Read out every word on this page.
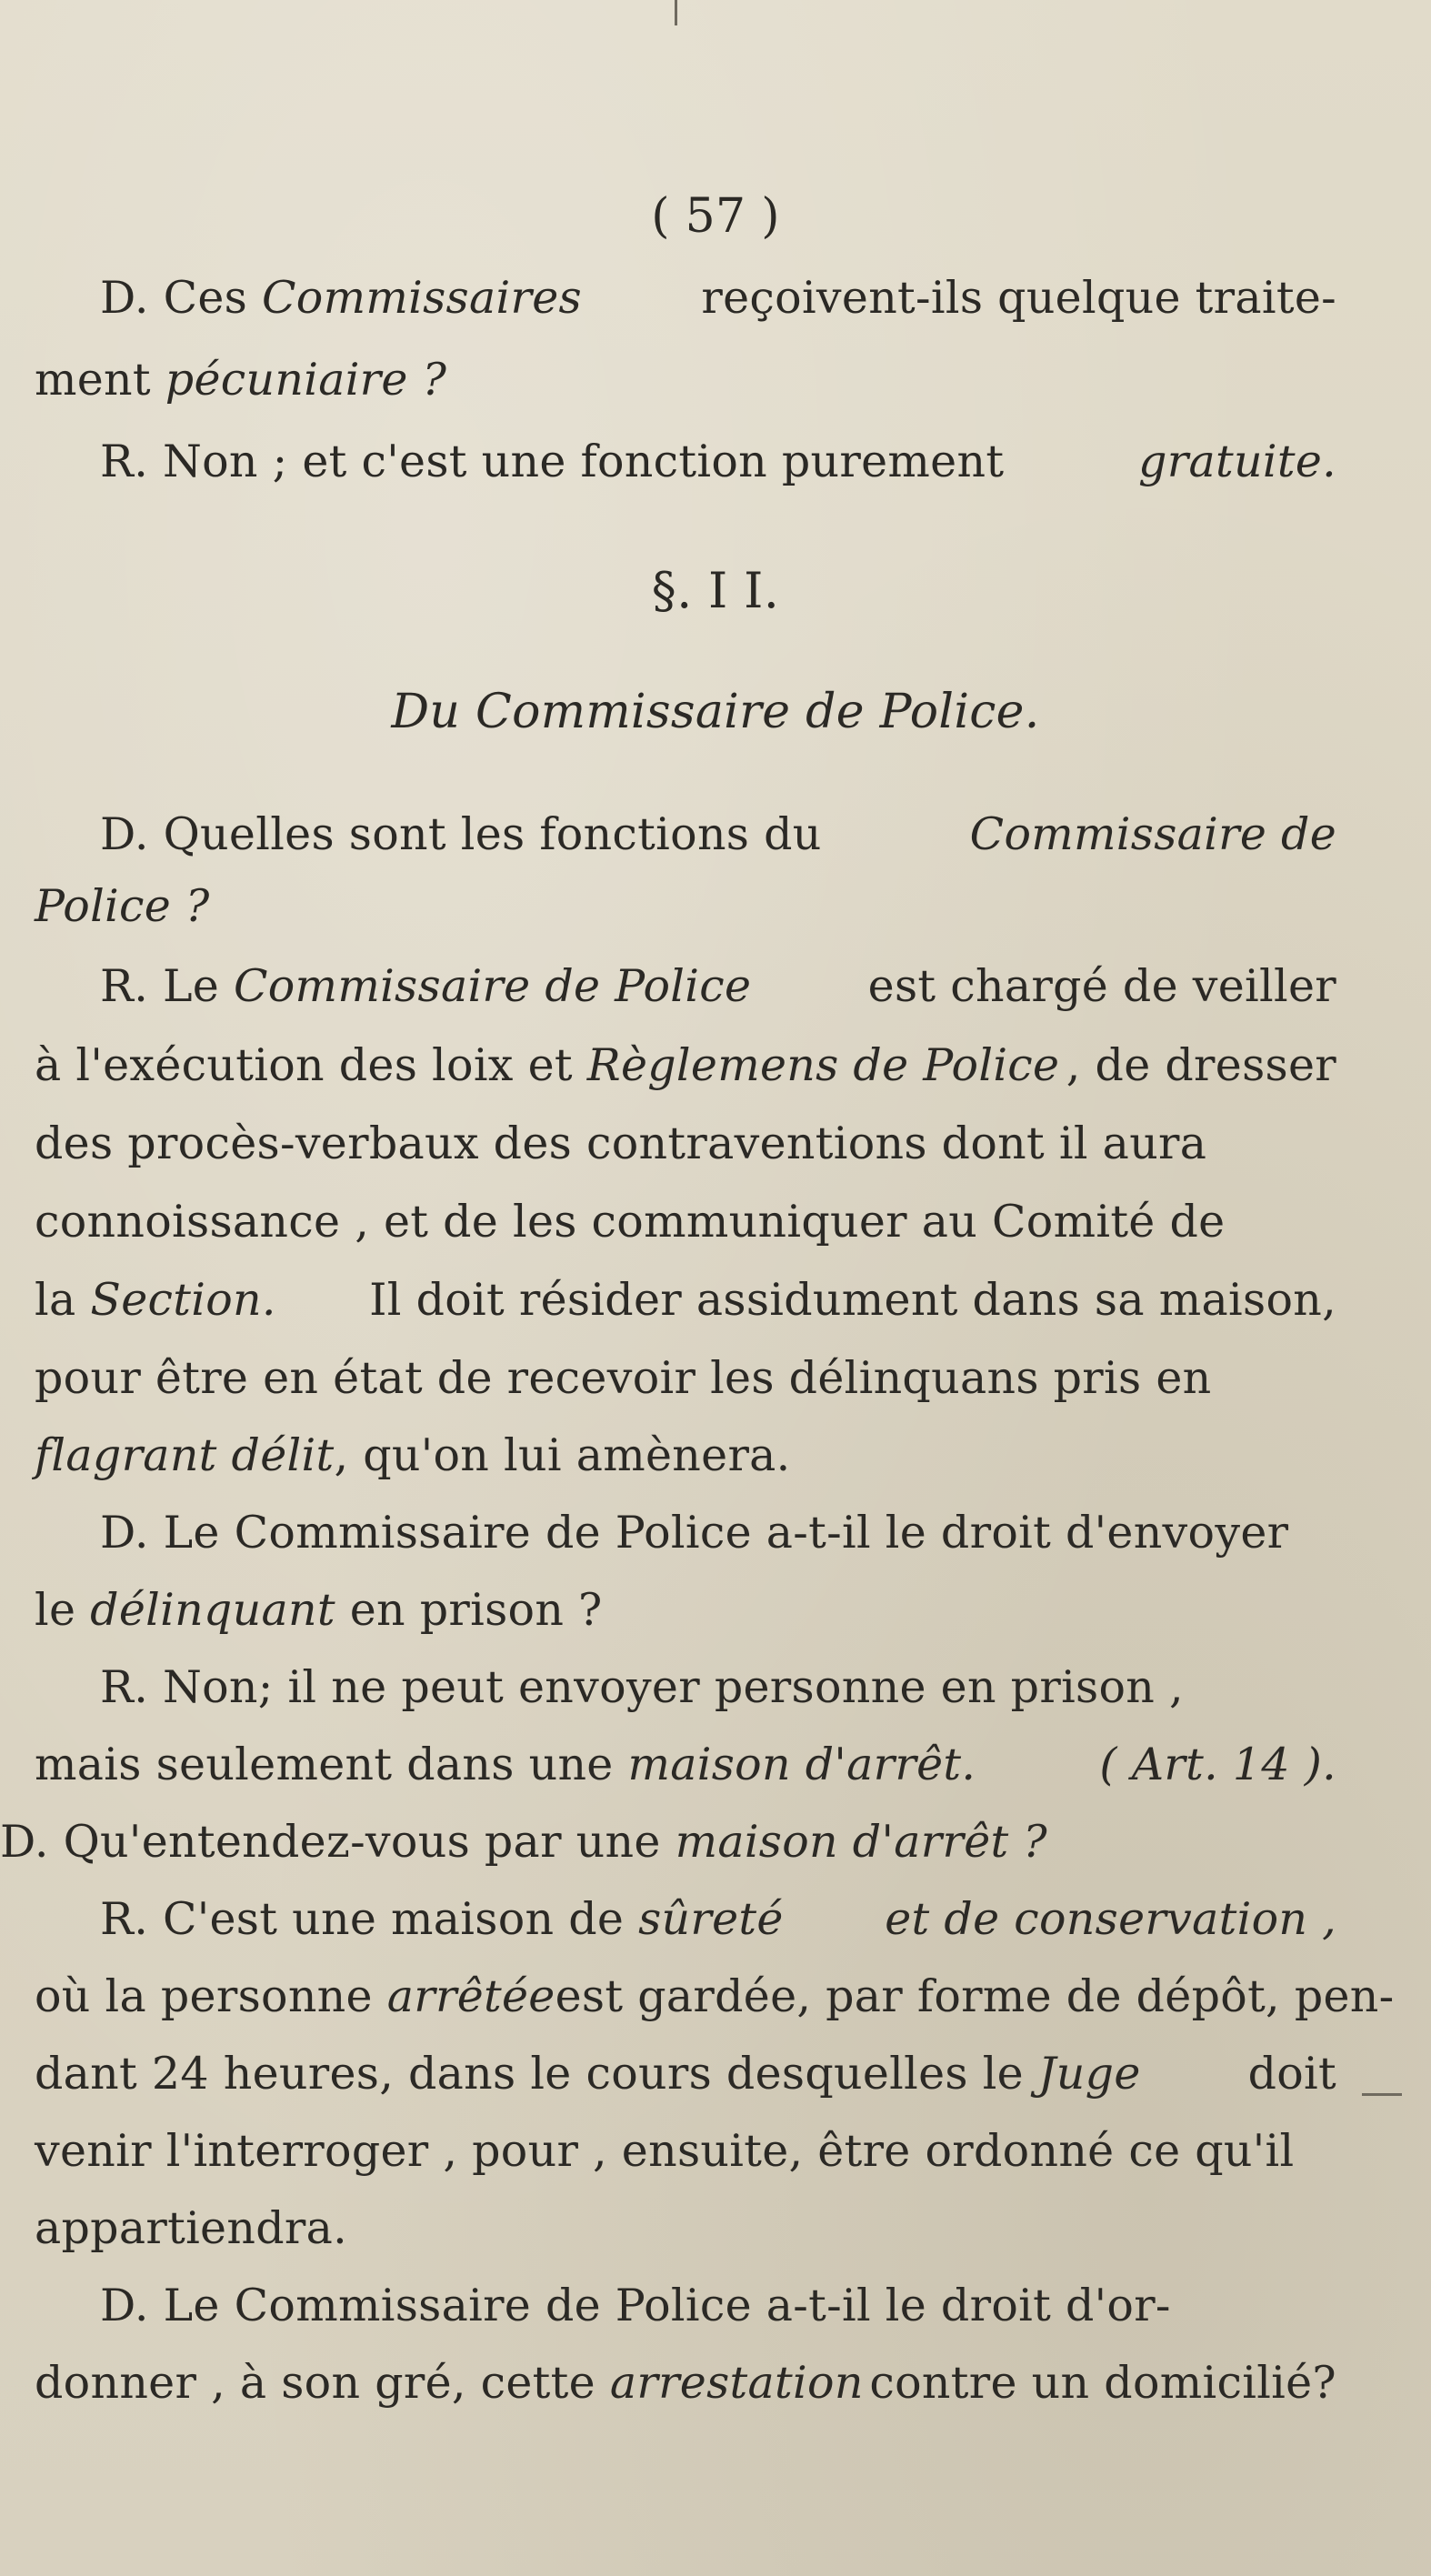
( 57 )
D. Ces Commissaires	reçoivent-ils quelque traite-
ment pécuniaire ?
R. Non ; et c'est une fonction purement	gratuite.
§. I I.
Du Commissaire de Police.
D. Quelles sont les fonctions du	Commissaire de
Police ?
R. Le Commissaire de Police	est chargé de veiller
à l'exécution des loix et Règlemens de Police , de dresser
des procès-verbaux des contraventions dont il aura
connoissance , et de les communiquer au Comité de
la Section. Il doit résider assidument dans sa maison,
pour être en état de recevoir les délinquans pris en
flagrant délit, qu'on lui amènera.
D. Le Commissaire de Police a-t-il le droit d'envoyer
le délinquant en prison ?
R. Non; il ne peut envoyer personne en prison ,
mais seulement dans une maison d'arrêt.	( Art. 14 ).
D. Qu'entendez-vous par une maison d'arrêt ?
R. C'est une maison de sûreté et de conservation ,
où la personne arrêtée est gardée, par forme de dépôt, pen-
dant 24 heures, dans le cours desquelles le Juge doit
venir l'interroger , pour , ensuite, être ordonné ce qu'il
appartiendra.
D. Le Commissaire de Police a-t-il le droit d'or-
donner , à son gré, cette arrestation contre un domicilié?
